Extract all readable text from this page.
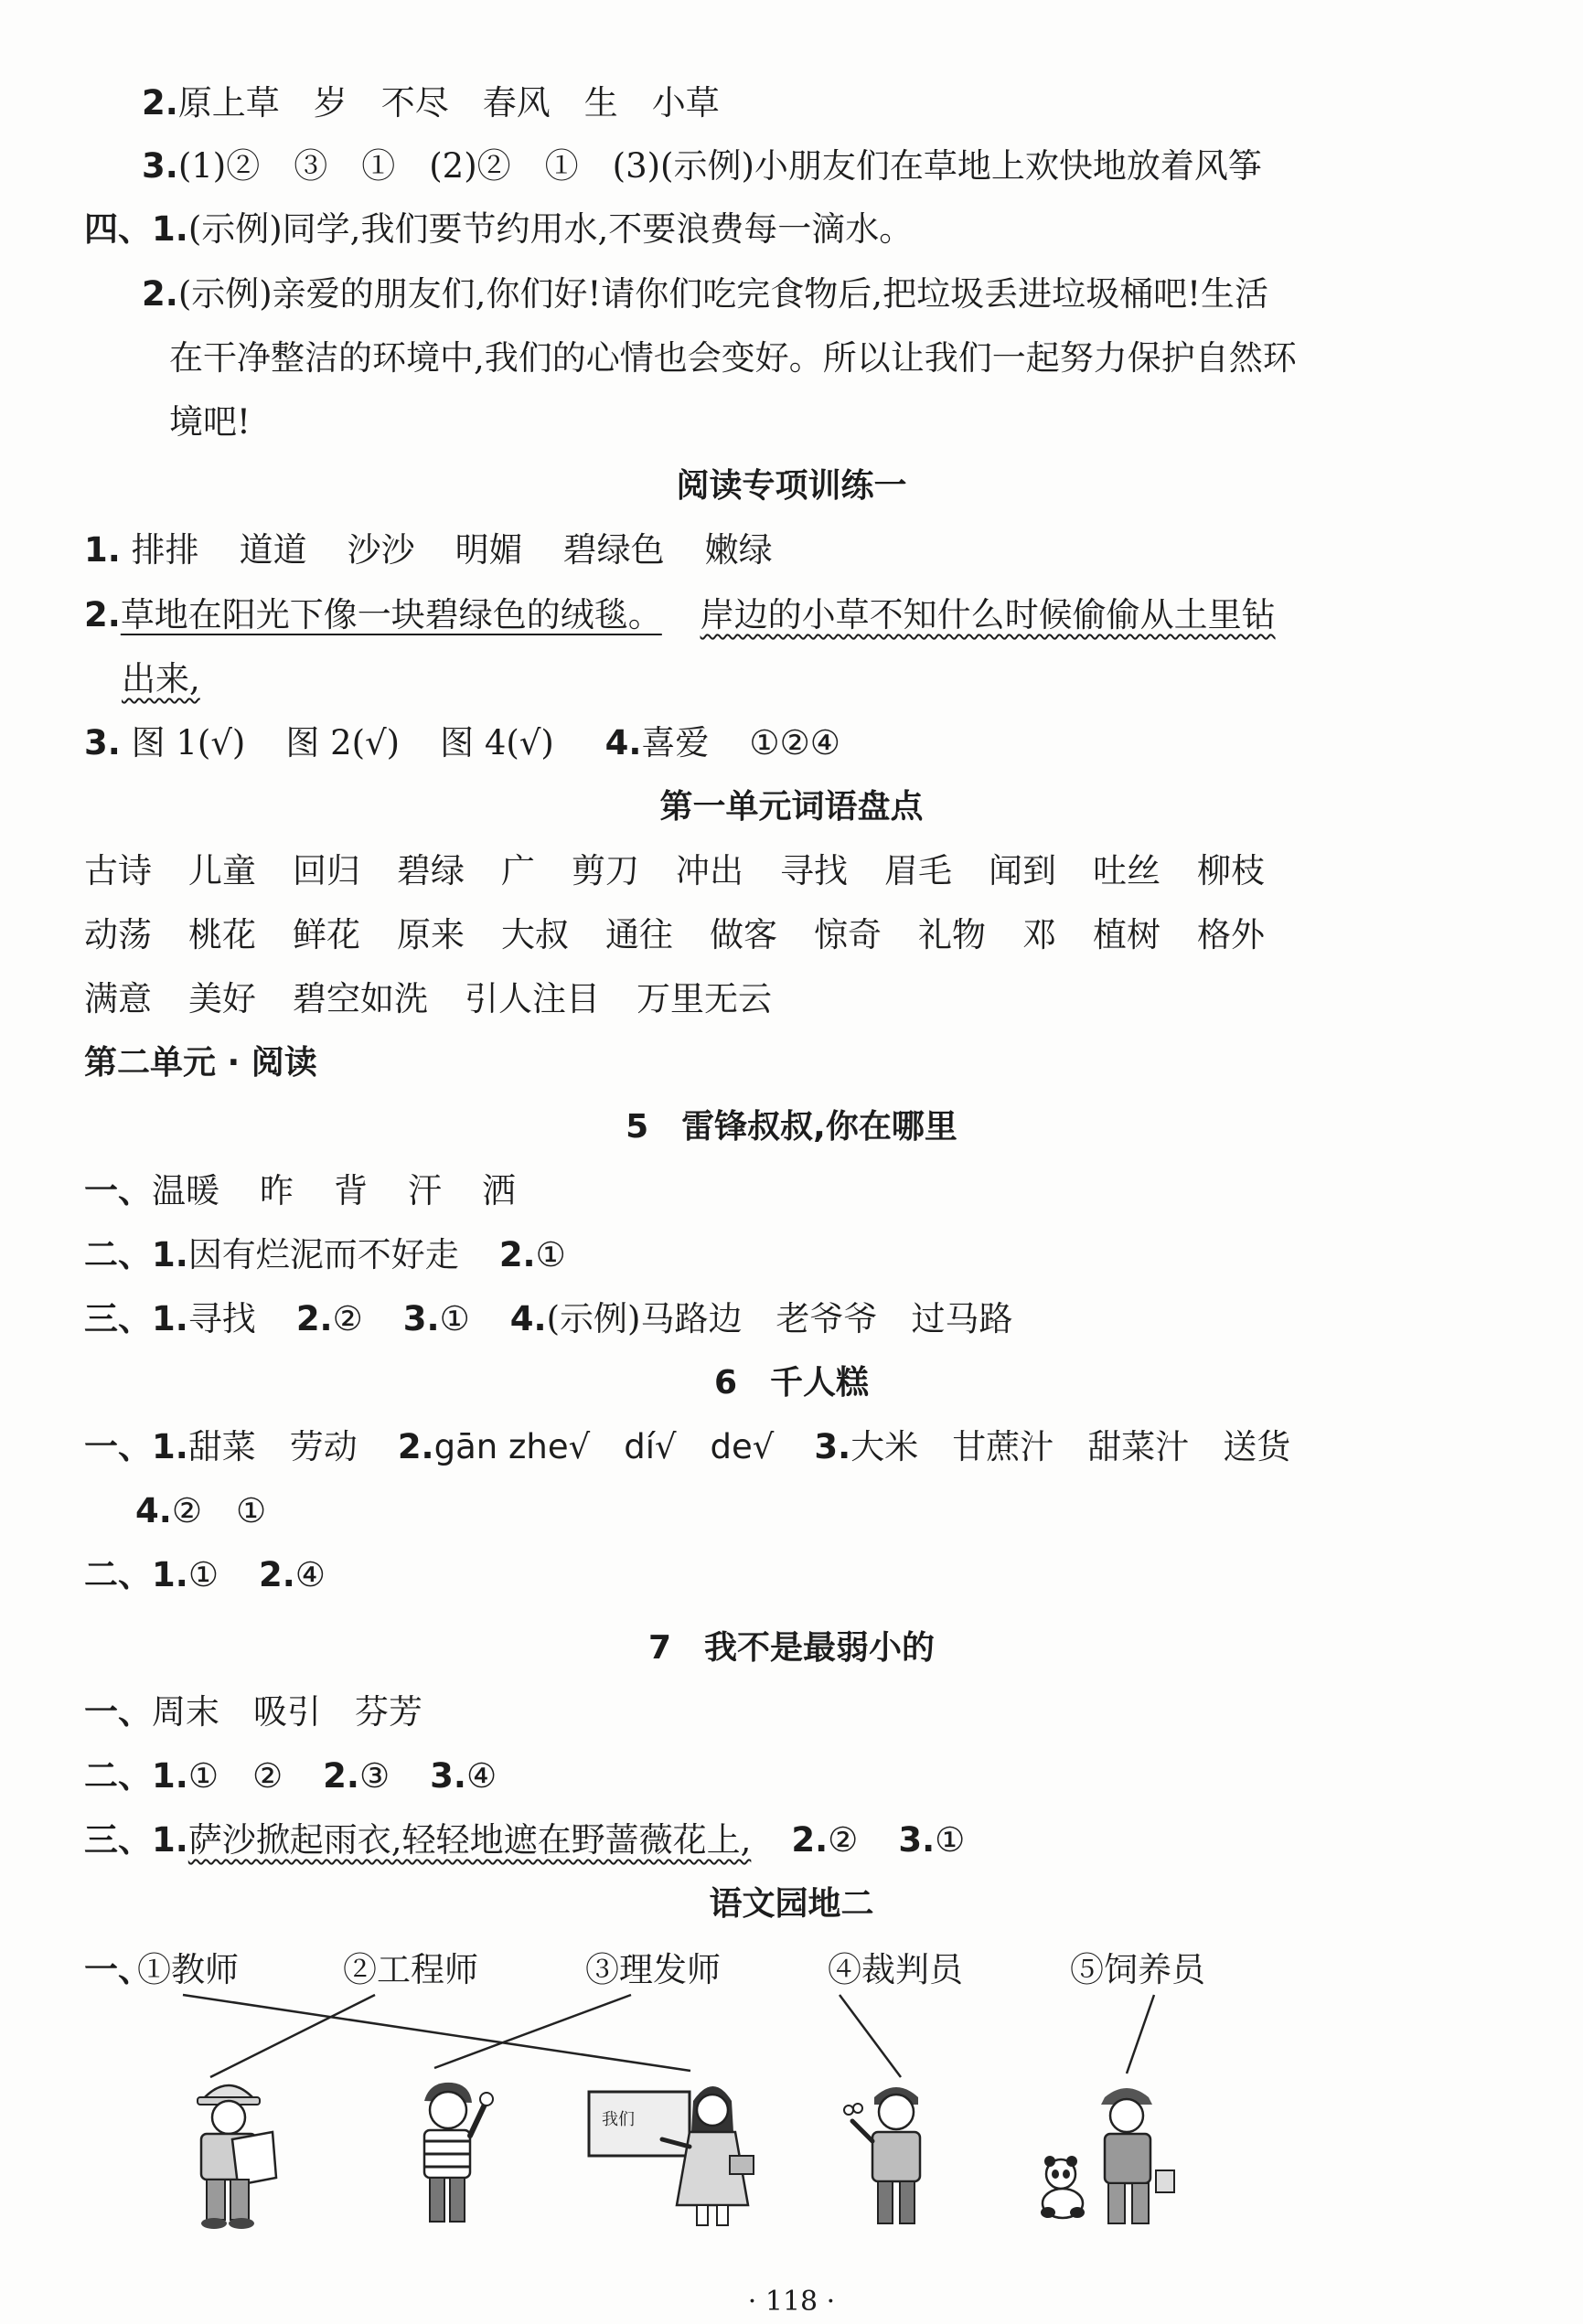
2.原上草　岁　不尽　春风　生　小草
3.(1)②　③　①　(2)②　①　(3)(示例)小朋友们在草地上欢快地放着风筝
四、1.(示例)同学,我们要节约用水,不要浪费每一滴水。
2.(示例)亲爱的朋友们,你们好!请你们吃完食物后,把垃圾丢进垃圾桶吧!生活
在干净整洁的环境中,我们的心情也会变好。所以让我们一起努力保护自然环
境吧!
阅读专项训练一
1. 排排 道道 沙沙 明媚 碧绿色 嫩绿
2.草地在阳光下像一块碧绿色的绒毯。 岸边的小草不知什么时候偷偷从土里钻
出来,
3. 图 1(√) 图 2(√) 图 4(√) 4.喜爱 ①②④
第一单元词语盘点
古诗 儿童 回归 碧绿 广 剪刀 冲出 寻找 眉毛 闻到 吐丝 柳枝
动荡 桃花 鲜花 原来 大叔 通往 做客 惊奇 礼物 邓 植树 格外
满意 美好 碧空如洗 引人注目 万里无云
第二单元 · 阅读
5　雷锋叔叔,你在哪里
一、温暖 昨 背 汗 洒
二、1.因有烂泥而不好走 2.①
三、1.寻找 2.② 3.① 4.(示例)马路边　老爷爷　过马路
6　千人糕
一、1.甜菜　劳动 2.gān zhe√　dí√　de√ 3.大米　甘蔗汁　甜菜汁　送货
4.②　①
二、1.① 2.④
7　我不是最弱小的
一、周末　吸引　芬芳
二、1.①　② 2.③ 3.④
三、1.萨沙掀起雨衣,轻轻地遮在野蔷薇花上, 2.② 3.①
语文园地二
一、
①教师	②工程师	③理发师	④裁判员	⑤饲养员
我们
· 118 ·
